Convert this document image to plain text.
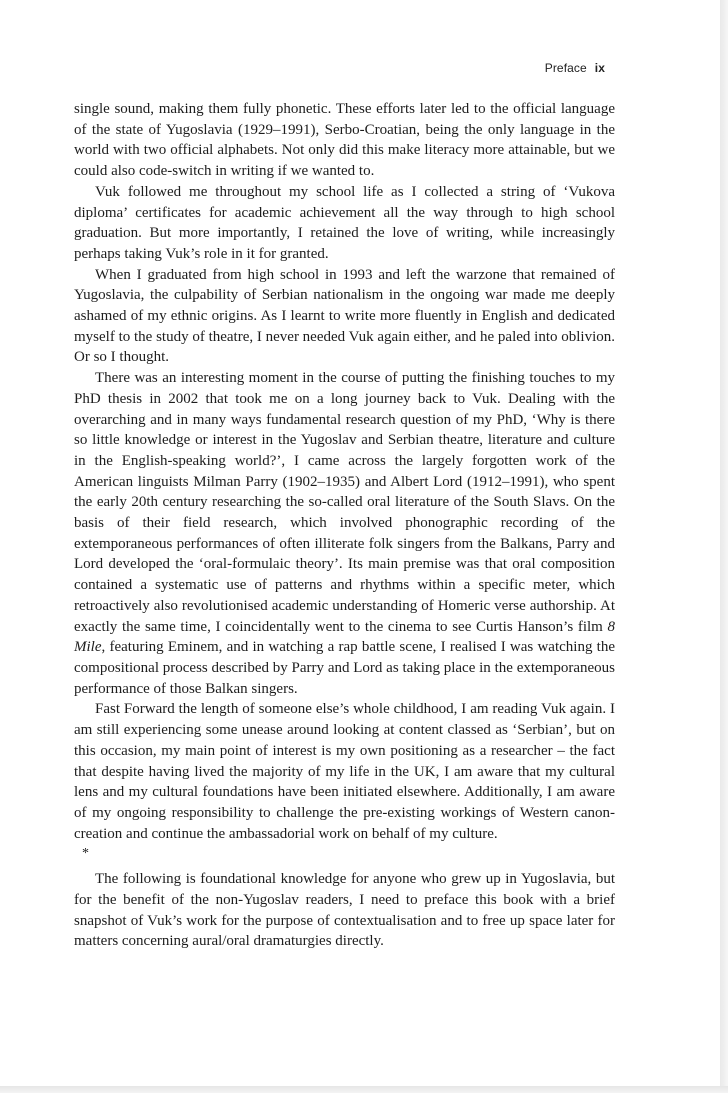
Preface ix

single sound, making them fully phonetic. These efforts later led to the official language of the state of Yugoslavia (1929–1991), Serbo-Croatian, being the only language in the world with two official alphabets. Not only did this make literacy more attainable, but we could also code-switch in writing if we wanted to.

Vuk followed me throughout my school life as I collected a string of ‘Vukova diploma’ certificates for academic achievement all the way through to high school graduation. But more importantly, I retained the love of writing, while increasingly perhaps taking Vuk’s role in it for granted.

When I graduated from high school in 1993 and left the warzone that remained of Yugoslavia, the culpability of Serbian nationalism in the ongoing war made me deeply ashamed of my ethnic origins. As I learnt to write more fluently in English and dedicated myself to the study of theatre, I never needed Vuk again either, and he paled into oblivion. Or so I thought.

There was an interesting moment in the course of putting the finishing touches to my PhD thesis in 2002 that took me on a long journey back to Vuk. Dealing with the overarching and in many ways fundamental research question of my PhD, ‘Why is there so little knowledge or interest in the Yugoslav and Serbian theatre, literature and culture in the English-speaking world?’, I came across the largely forgotten work of the American linguists Milman Parry (1902–1935) and Albert Lord (1912–1991), who spent the early 20th century researching the so-called oral literature of the South Slavs. On the basis of their field research, which involved phonographic recording of the extemporaneous performances of often illiterate folk singers from the Balkans, Parry and Lord developed the ‘oral-formulaic theory’. Its main premise was that oral composition contained a systematic use of patterns and rhythms within a specific meter, which retroactively also revolutionised academic understanding of Homeric verse authorship. At exactly the same time, I coincidentally went to the cinema to see Curtis Hanson’s film 8 Mile, featuring Eminem, and in watching a rap battle scene, I realised I was watching the compositional process described by Parry and Lord as taking place in the extemporaneous performance of those Balkan singers.

Fast Forward the length of someone else’s whole childhood, I am reading Vuk again. I am still experiencing some unease around looking at content classed as ‘Serbian’, but on this occasion, my main point of interest is my own positioning as a researcher – the fact that despite having lived the majority of my life in the UK, I am aware that my cultural lens and my cultural foundations have been initiated elsewhere. Additionally, I am aware of my ongoing responsibility to challenge the pre-existing workings of Western canon-creation and continue the ambassadorial work on behalf of my culture.

*

The following is foundational knowledge for anyone who grew up in Yugoslavia, but for the benefit of the non-Yugoslav readers, I need to preface this book with a brief snapshot of Vuk’s work for the purpose of contextualisation and to free up space later for matters concerning aural/oral dramaturgies directly.
